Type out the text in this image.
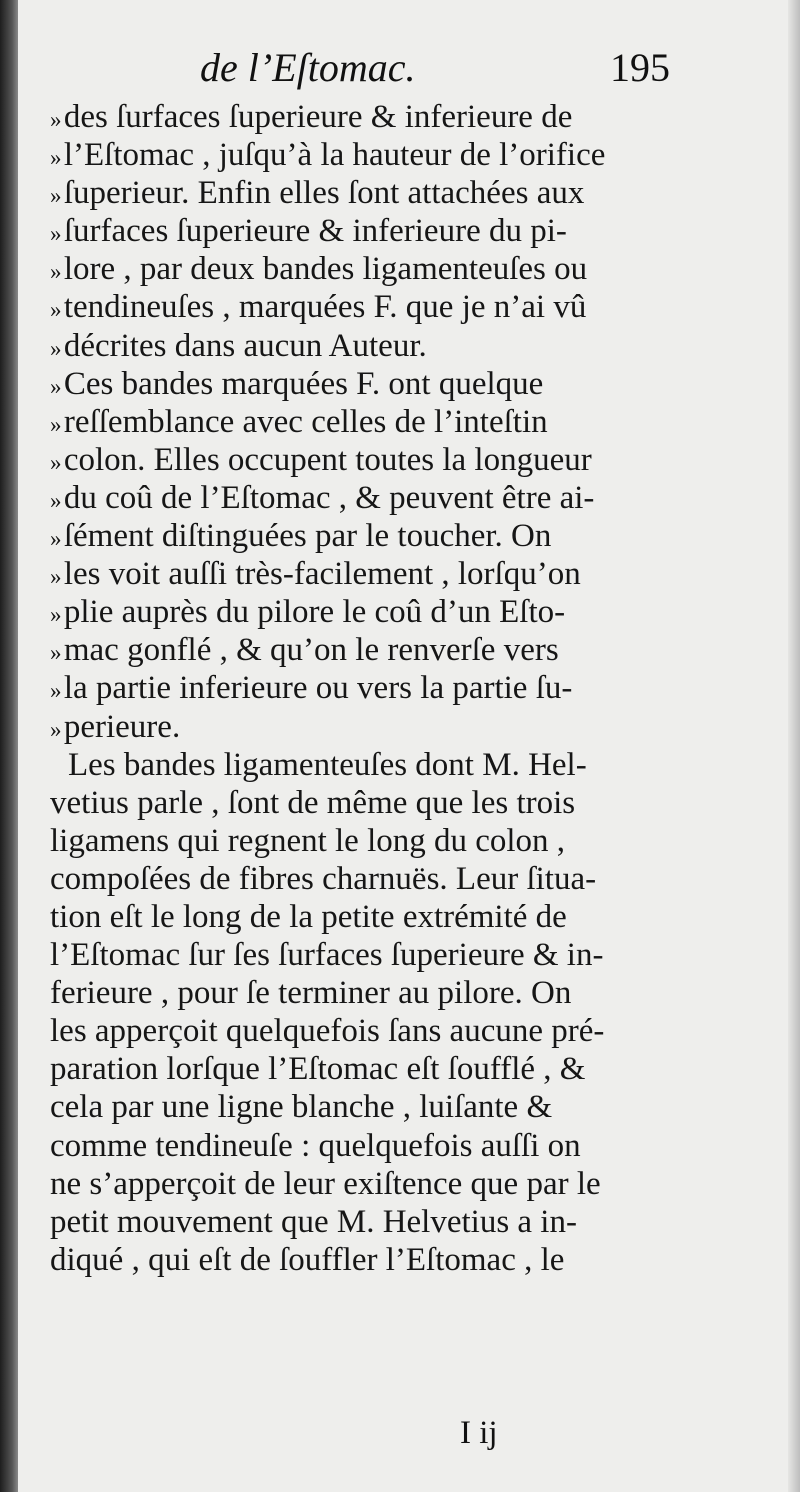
de l’Eſtomac.	195
»des ſurfaces ſuperieure & inferieure de
»l’Eſtomac , juſqu’à la hauteur de l’orifice
»ſuperieur. Enfin elles ſont attachées aux
»ſurfaces ſuperieure & inferieure du pi-
»lore , par deux bandes ligamenteuſes ou
»tendineuſes , marquées F. que je n’ai vû
»décrites dans aucun Auteur.
»Ces bandes marquées F. ont quelque
»reſſemblance avec celles de l’inteſtin
»colon. Elles occupent toutes la longueur
»du coû de l’Eſtomac , & peuvent être ai-
»ſément diſtinguées par le toucher. On
»les voit auſſi très-facilement , lorſqu’on
»plie auprès du pilore le coû d’un Eſto-
»mac gonflé , & qu’on le renverſe vers
»la partie inferieure ou vers la partie ſu-
»perieure.
Les bandes ligamenteuſes dont M. Hel-
vetius parle , ſont de même que les trois
ligamens qui regnent le long du colon ,
compoſées de fibres charnuës. Leur ſitua-
tion eſt le long de la petite extrémité de
l’Eſtomac ſur ſes ſurfaces ſuperieure & in-
ferieure , pour ſe terminer au pilore. On
les apperçoit quelquefois ſans aucune pré-
paration lorſque l’Eſtomac eſt ſoufflé , &
cela par une ligne blanche , luiſante &
comme tendineuſe : quelquefois auſſi on
ne s’apperçoit de leur exiſtence que par le
petit mouvement que M. Helvetius a in-
diqué , qui eſt de ſouffler l’Eſtomac , le
I ij
